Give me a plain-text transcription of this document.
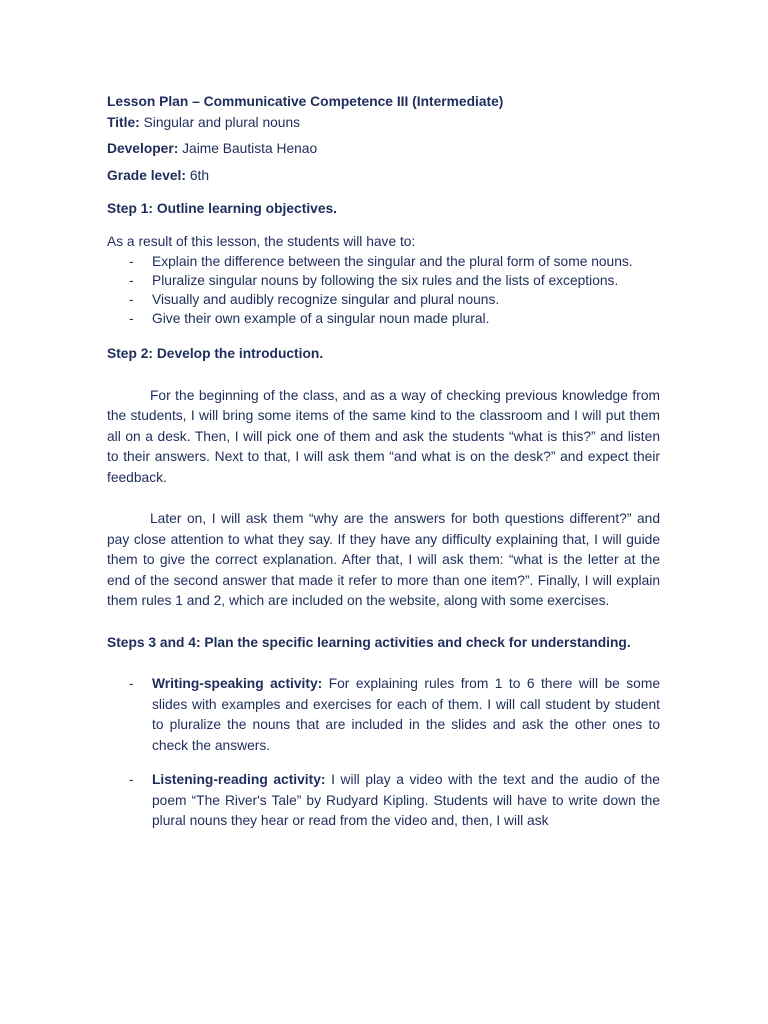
Lesson Plan – Communicative Competence III (Intermediate)

Title: Singular and plural nouns

Developer: Jaime Bautista Henao

Grade level: 6th

Step 1: Outline learning objectives.

As a result of this lesson, the students will have to:

- Explain the difference between the singular and the plural form of some nouns.
- Pluralize singular nouns by following the six rules and the lists of exceptions.
- Visually and audibly recognize singular and plural nouns.
- Give their own example of a singular noun made plural.

Step 2: Develop the introduction.

For the beginning of the class, and as a way of checking previous knowledge from the students, I will bring some items of the same kind to the classroom and I will put them all on a desk. Then, I will pick one of them and ask the students “what is this?” and listen to their answers. Next to that, I will ask them “and what is on the desk?” and expect their feedback.

Later on, I will ask them “why are the answers for both questions different?” and pay close attention to what they say. If they have any difficulty explaining that, I will guide them to give the correct explanation. After that, I will ask them: “what is the letter at the end of the second answer that made it refer to more than one item?”. Finally, I will explain them rules 1 and 2, which are included on the website, along with some exercises.

Steps 3 and 4: Plan the specific learning activities and check for understanding.

- Writing-speaking activity: For explaining rules from 1 to 6 there will be some slides with examples and exercises for each of them. I will call student by student to pluralize the nouns that are included in the slides and ask the other ones to check the answers.
- Listening-reading activity: I will play a video with the text and the audio of the poem “The River's Tale” by Rudyard Kipling. Students will have to write down the plural nouns they hear or read from the video and, then, I will ask
